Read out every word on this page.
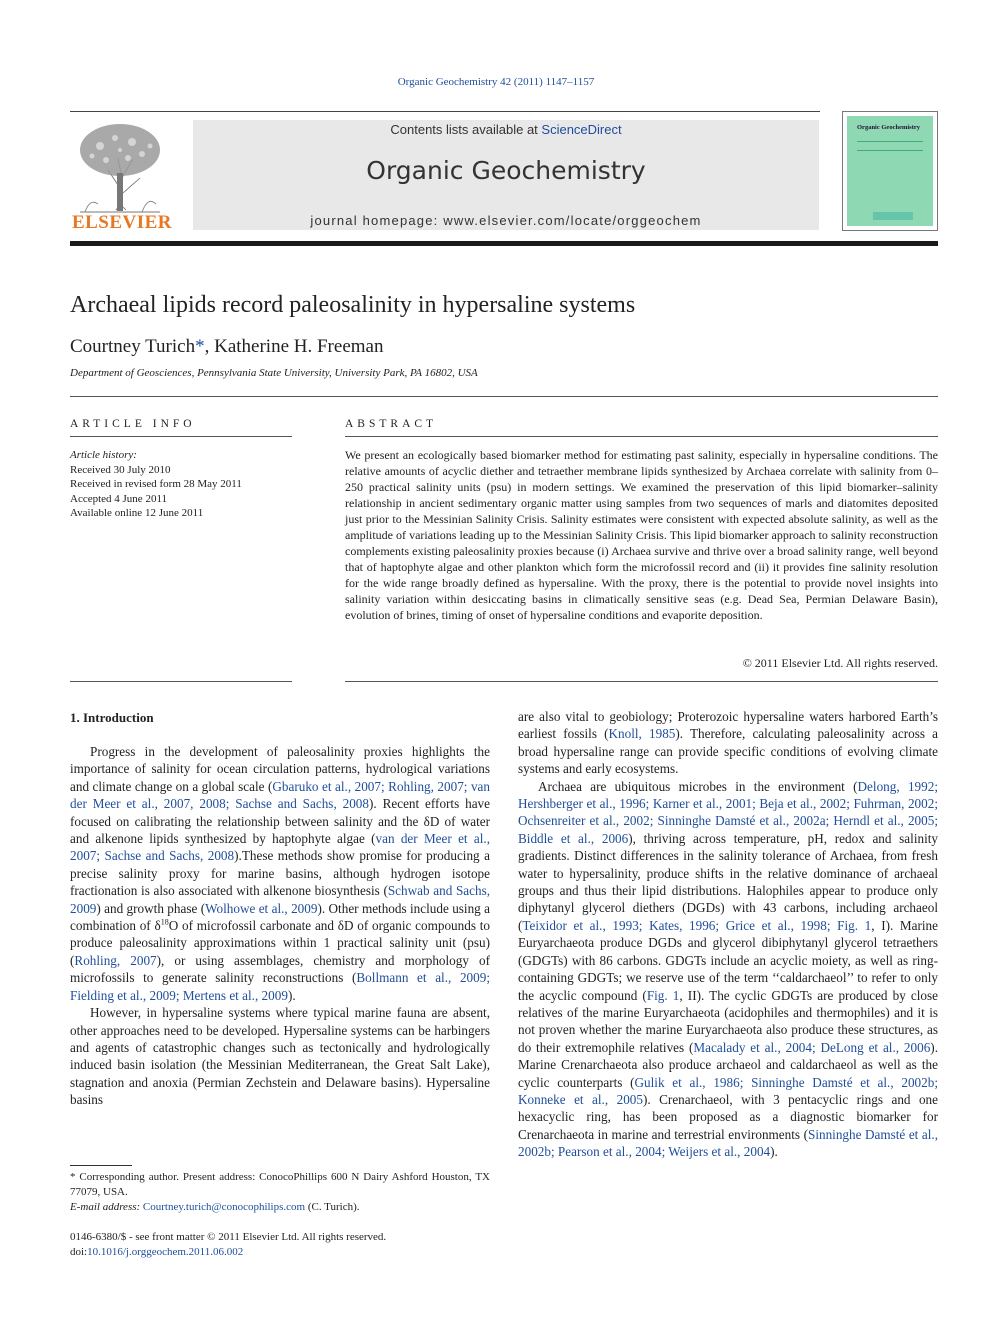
Organic Geochemistry 42 (2011) 1147–1157
ELSEVIER
Contents lists available at ScienceDirect
Organic Geochemistry
journal homepage: www.elsevier.com/locate/orggeochem
Organic Geochemistry
Archaeal lipids record paleosalinity in hypersaline systems
Courtney Turich*, Katherine H. Freeman
Department of Geosciences, Pennsylvania State University, University Park, PA 16802, USA
ARTICLE INFO
Article history:
Received 30 July 2010
Received in revised form 28 May 2011
Accepted 4 June 2011
Available online 12 June 2011
ABSTRACT
We present an ecologically based biomarker method for estimating past salinity, especially in hypersaline conditions. The relative amounts of acyclic diether and tetraether membrane lipids synthesized by Archaea correlate with salinity from 0–250 practical salinity units (psu) in modern settings. We examined the preservation of this lipid biomarker–salinity relationship in ancient sedimentary organic matter using samples from two sequences of marls and diatomites deposited just prior to the Messinian Salinity Crisis. Salinity estimates were consistent with expected absolute salinity, as well as the amplitude of variations leading up to the Messinian Salinity Crisis. This lipid biomarker approach to salinity reconstruction complements existing paleosalinity proxies because (i) Archaea survive and thrive over a broad salinity range, well beyond that of haptophyte algae and other plankton which form the microfossil record and (ii) it provides fine salinity resolution for the wide range broadly defined as hypersaline. With the proxy, there is the potential to provide novel insights into salinity variation within desiccating basins in climatically sensitive seas (e.g. Dead Sea, Permian Delaware Basin), evolution of brines, timing of onset of hypersaline conditions and evaporite deposition.
© 2011 Elsevier Ltd. All rights reserved.
1. Introduction

Progress in the development of paleosalinity proxies highlights the importance of salinity for ocean circulation patterns, hydrological variations and climate change on a global scale (Gbaruko et al., 2007; Rohling, 2007; van der Meer et al., 2007, 2008; Sachse and Sachs, 2008). Recent efforts have focused on calibrating the relationship between salinity and the δD of water and alkenone lipids synthesized by haptophyte algae (van der Meer et al., 2007; Sachse and Sachs, 2008).These methods show promise for producing a precise salinity proxy for marine basins, although hydrogen isotope fractionation is also associated with alkenone biosynthesis (Schwab and Sachs, 2009) and growth phase (Wolhowe et al., 2009). Other methods include using a combination of $\delta^{18}O$ of microfossil carbonate and δD of organic compounds to produce paleosalinity approximations within 1 practical salinity unit (psu) (Rohling, 2007), or using assemblages, chemistry and morphology of microfossils to generate salinity reconstructions (Bollmann et al., 2009; Fielding et al., 2009; Mertens et al., 2009).

However, in hypersaline systems where typical marine fauna are absent, other approaches need to be developed. Hypersaline systems can be harbingers and agents of catastrophic changes such as tectonically and hydrologically induced basin isolation (the Messinian Mediterranean, the Great Salt Lake), stagnation and anoxia (Permian Zechstein and Delaware basins). Hypersaline basins

are also vital to geobiology; Proterozoic hypersaline waters harbored Earth’s earliest fossils (Knoll, 1985). Therefore, calculating paleosalinity across a broad hypersaline range can provide specific conditions of evolving climate systems and early ecosystems.

Archaea are ubiquitous microbes in the environment (Delong, 1992; Hershberger et al., 1996; Karner et al., 2001; Beja et al., 2002; Fuhrman, 2002; Ochsenreiter et al., 2002; Sinninghe Damsté et al., 2002a; Herndl et al., 2005; Biddle et al., 2006), thriving across temperature, pH, redox and salinity gradients. Distinct differences in the salinity tolerance of Archaea, from fresh water to hypersalinity, produce shifts in the relative dominance of archaeal groups and thus their lipid distributions. Halophiles appear to produce only diphytanyl glycerol diethers (DGDs) with 43 carbons, including archaeol (Teixidor et al., 1993; Kates, 1996; Grice et al., 1998; Fig. 1, I). Marine Euryarchaeota produce DGDs and glycerol dibiphytanyl glycerol tetraethers (GDGTs) with 86 carbons. GDGTs include an acyclic moiety, as well as ring-containing GDGTs; we reserve use of the term ‘‘caldarchaeol’’ to refer to only the acyclic compound (Fig. 1, II). The cyclic GDGTs are produced by close relatives of the marine Euryarchaeota (acidophiles and thermophiles) and it is not proven whether the marine Euryarchaeota also produce these structures, as do their extremophile relatives (Macalady et al., 2004; DeLong et al., 2006). Marine Crenarchaeota also produce archaeol and caldarchaeol as well as the cyclic counterparts (Gulik et al., 1986; Sinninghe Damsté et al., 2002b; Konneke et al., 2005). Crenarchaeol, with 3 pentacyclic rings and one hexacyclic ring, has been proposed as a diagnostic biomarker for Crenarchaeota in marine and terrestrial environments (Sinninghe Damsté et al., 2002b; Pearson et al., 2004; Weijers et al., 2004).

* Corresponding author. Present address: ConocoPhillips 600 N Dairy Ashford Houston, TX 77079, USA.
E-mail address: Courtney.turich@conocophilips.com (C. Turich).
0146-6380/$ - see front matter © 2011 Elsevier Ltd. All rights reserved.
doi:10.1016/j.orggeochem.2011.06.002
